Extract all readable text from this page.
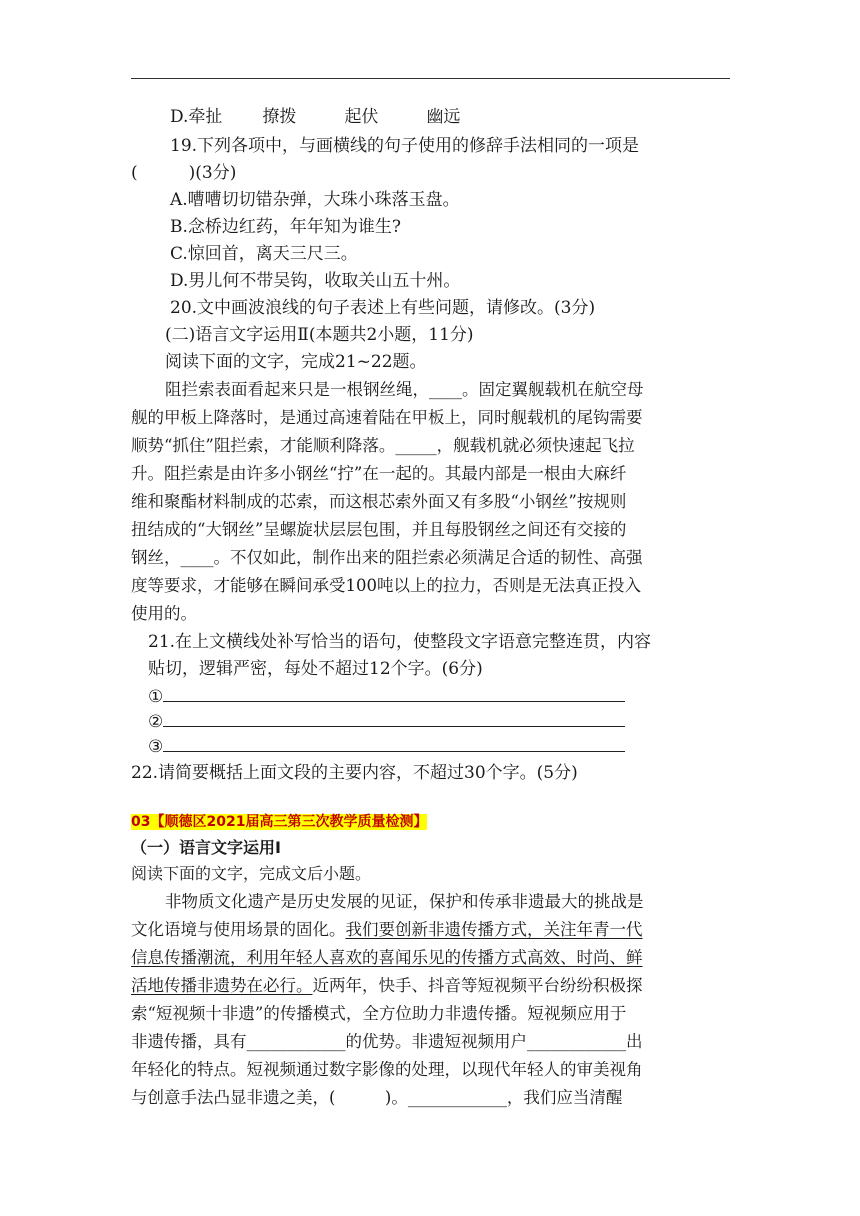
D.牵扯 撩拨	起伏	幽远
19.下列各项中，与画横线的句子使用的修辞手法相同的一项是
(　　　)(3分)
A.嘈嘈切切错杂弹，大珠小珠落玉盘。
B.念桥边红药，年年知为谁生?
C.惊回首，离天三尺三。
D.男儿何不带吴钩，收取关山五十州。
20.文中画波浪线的句子表述上有些问题，请修改。(3分)
(二)语言文字运用Ⅱ(本题共2小题，11分)
阅读下面的文字，完成21~22题。
阻拦索表面看起来只是一根钢丝绳，____。固定翼舰载机在航空母
舰的甲板上降落时，是通过高速着陆在甲板上，同时舰载机的尾钩需要
顺势“抓住”阻拦索，才能顺利降落。_____，舰载机就必须快速起飞拉
升。阻拦索是由许多小钢丝“拧”在一起的。其最内部是一根由大麻纤
维和聚酯材料制成的芯索，而这根芯索外面又有多股“小钢丝”按规则
扭结成的“大钢丝”呈螺旋状层层包围，并且每股钢丝之间还有交接的
钢丝，____。不仅如此，制作出来的阻拦索必须满足合适的韧性、高强
度等要求，才能够在瞬间承受100吨以上的拉力，否则是无法真正投入
使用的。
21.在上文横线处补写恰当的语句，使整段文字语意完整连贯，内容
贴切，逻辑严密，每处不超过12个字。(6分)
①
②
③
22.请简要概括上面文段的主要内容，不超过30个字。(5分)
03【顺德区2021届高三第三次教学质量检测】
（一）语言文字运用Ⅰ
阅读下面的文字，完成文后小题。
非物质文化遗产是历史发展的见证，保护和传承非遗最大的挑战是
文化语境与使用场景的固化。我们要创新非遗传播方式，关注年青一代
信息传播潮流，利用年轻人喜欢的喜闻乐见的传播方式高效、时尚、鲜
活地传播非遗势在必行。近两年，快手、抖音等短视频平台纷纷积极探
索“短视频十非遗”的传播模式，全方位助力非遗传播。短视频应用于
非遗传播，具有____________的优势。非遗短视频用户____________出
年轻化的特点。短视频通过数字影像的处理，以现代年轻人的审美视角
与创意手法凸显非遗之美，(　　　)。____________，我们应当清醒
